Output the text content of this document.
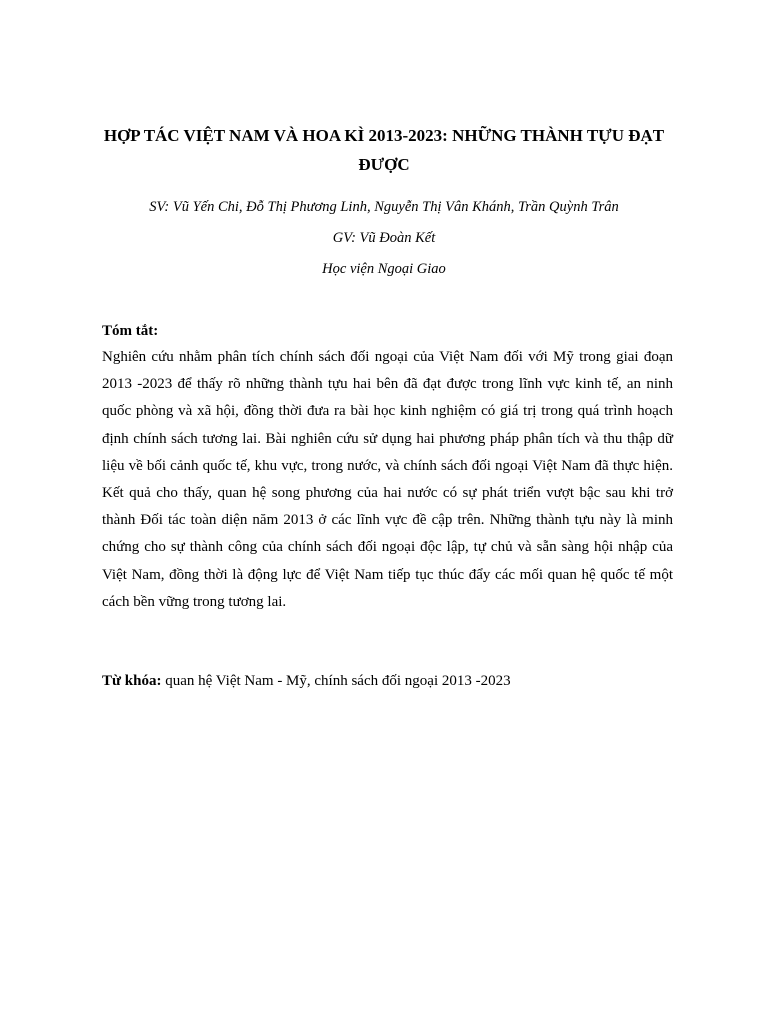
HỢP TÁC VIỆT NAM VÀ HOA KÌ 2013-2023: NHỮNG THÀNH TỰU ĐẠT ĐƯỢC
SV: Vũ Yến Chi, Đỗ Thị Phương Linh, Nguyễn Thị Vân Khánh, Trần Quỳnh Trân
GV: Vũ Đoàn Kết
Học viện Ngoại Giao
Tóm tắt:
Nghiên cứu nhằm phân tích chính sách đối ngoại của Việt Nam đối với Mỹ trong giai đoạn 2013 -2023 để thấy rõ những thành tựu hai bên đã đạt được trong lĩnh vực kinh tế, an ninh quốc phòng và xã hội, đồng thời đưa ra bài học kinh nghiệm có giá trị trong quá trình hoạch định chính sách tương lai. Bài nghiên cứu sử dụng hai phương pháp phân tích và thu thập dữ liệu về bối cảnh quốc tế, khu vực, trong nước, và chính sách đối ngoại Việt Nam đã thực hiện. Kết quả cho thấy, quan hệ song phương của hai nước có sự phát triển vượt bậc sau khi trở thành Đối tác toàn diện năm 2013 ở các lĩnh vực đề cập trên. Những thành tựu này là minh chứng cho sự thành công của chính sách đối ngoại độc lập, tự chủ và sẵn sàng hội nhập của Việt Nam, đồng thời là động lực để Việt Nam tiếp tục thúc đẩy các mối quan hệ quốc tế một cách bền vững trong tương lai.
Từ khóa: quan hệ Việt Nam - Mỹ, chính sách đối ngoại 2013 -2023
